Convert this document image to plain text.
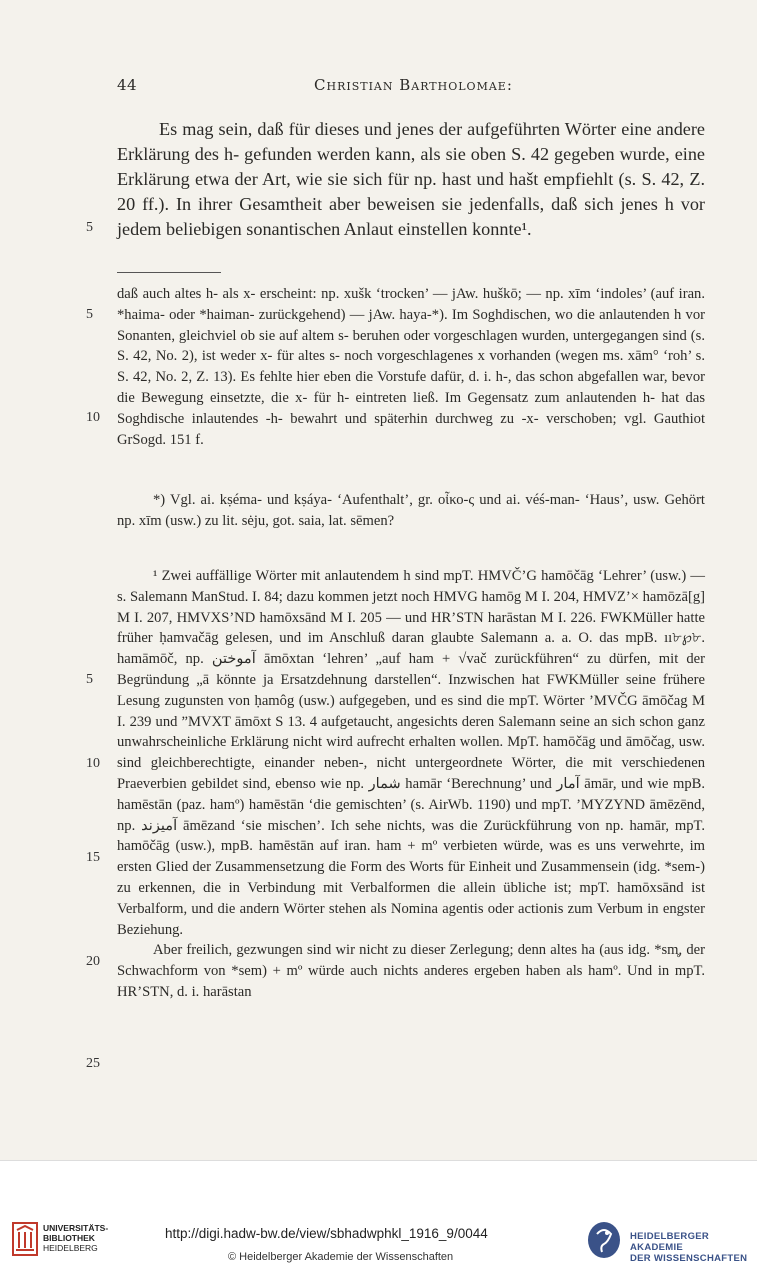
44	Christian Bartholomae:

Es mag sein, daß für dieses und jenes der aufgeführten Wörter eine andere Erklärung des h- gefunden werden kann, als sie oben S. 42 gegeben wurde, eine Erklärung etwa der Art, wie sie sich für np. hast und hašt empfiehlt (s. S. 42, Z. 20 ff.). In ihrer Gesamtheit aber beweisen sie jedenfalls, daß sich jenes h vor jedem beliebigen sonantischen Anlaut einstellen konnte¹.

5

daß auch altes h- als x- erscheint: np. xušk ‘trocken’ — jAw. huškō; — np. xīm ‘indoles’ (auf iran. *haima- oder *haiman- zurückgehend) — jAw. haya-*). Im Soghdischen, wo die anlautenden h vor Sonanten, gleichviel ob sie auf altem s- beruhen oder vorgeschlagen wurden, untergegangen sind (s. S. 42, No. 2), ist weder x- für altes s- noch vorgeschlagenes x vorhanden (wegen ms. xām° ‘roh’ s. S. 42, No. 2, Z. 13). Es fehlte hier eben die Vorstufe dafür, d. i. h-, das schon abgefallen war, bevor die Bewegung einsetzte, die x- für h- eintreten ließ. Im Gegensatz zum anlautenden h- hat das Soghdische inlautendes -h- bewahrt und späterhin durchweg zu -x- verschoben; vgl. Gauthiot GrSogd. 151 f.

5
10

*) Vgl. ai. kṣéma- und kṣáya- ‘Aufenthalt’, gr. οἶκο-ς und ai. véś-man- ‘Haus’, usw. Gehört np. xīm (usw.) zu lit. sėju, got. saia, lat. sēmen?

¹ Zwei auffällige Wörter mit anlautendem h sind mpT. HMVČ’G hamōčāg ‘Lehrer’ (usw.) — s. Salemann ManStud. I. 84; dazu kommen jetzt noch HMVG hamōg M I. 204, HMVZ’× hamōzā[g] M I. 207, HMVXS’ND hamōxsānd M I. 205 — und HR’STN harāstan M I. 226. FWKMüller hatte früher ḥamvačāg gelesen, und im Anschluß daran glaubte Salemann a. a. O. das mpB. ıı৮℘৮. hamāmōč, np. آموختن āmōxtan ‘lehren’ „auf ham + √vač zurückführen“ zu dürfen, mit der Begründung „ā könnte ja Ersatzdehnung darstellen“. Inzwischen hat FWKMüller seine frühere Lesung zugunsten von ḥamôg (usw.) aufgegeben, und es sind die mpT. Wörter ’MVČG āmōčag M I. 239 und ”MVXT āmōxt S 13. 4 aufgetaucht, angesichts deren Salemann seine an sich schon ganz unwahrscheinliche Erklärung nicht wird aufrecht erhalten wollen. MpT. hamōčāg und āmōčag, usw. sind gleichberechtigte, einander neben-, nicht untergeordnete Wörter, die mit verschiedenen Praeverbien gebildet sind, ebenso wie np. شمار hamār ‘Berechnung’ und آمار āmār, und wie mpB. hamēstān (paz. hamº) hamēstān ‘die gemischten’ (s. AirWb. 1190) und mpT. ’MYZYND āmēzēnd, np. آمیزند āmēzand ‘sie mischen’. Ich sehe nichts, was die Zurückführung von np. hamār, mpT. hamōčāg (usw.), mpB. hamēstān auf iran. ham + mº verbieten würde, was es uns verwehrte, im ersten Glied der Zusammensetzung die Form des Worts für Einheit und Zusammensein (idg. *sem-) zu erkennen, die in Verbindung mit Verbalformen die allein übliche ist; mpT. hamōxsānd ist Verbalform, und die andern Wörter stehen als Nomina agentis oder actionis zum Verbum in engster Beziehung.

Aber freilich, gezwungen sind wir nicht zu dieser Zerlegung; denn altes ha (aus idg. *sm̥, der Schwachform von *sem) + mº würde auch nichts anderes ergeben haben als hamº. Und in mpT. HR’STN, d. i. harāstan

5
10
15
20
25
UNIVERSITÄTS-
BIBLIOTHEK
HEIDELBERG
http://digi.hadw-bw.de/view/sbhadwphkl_1916_9/0044
© Heidelberger Akademie der Wissenschaften
HEIDELBERGER AKADEMIE
DER WISSENSCHAFTEN
